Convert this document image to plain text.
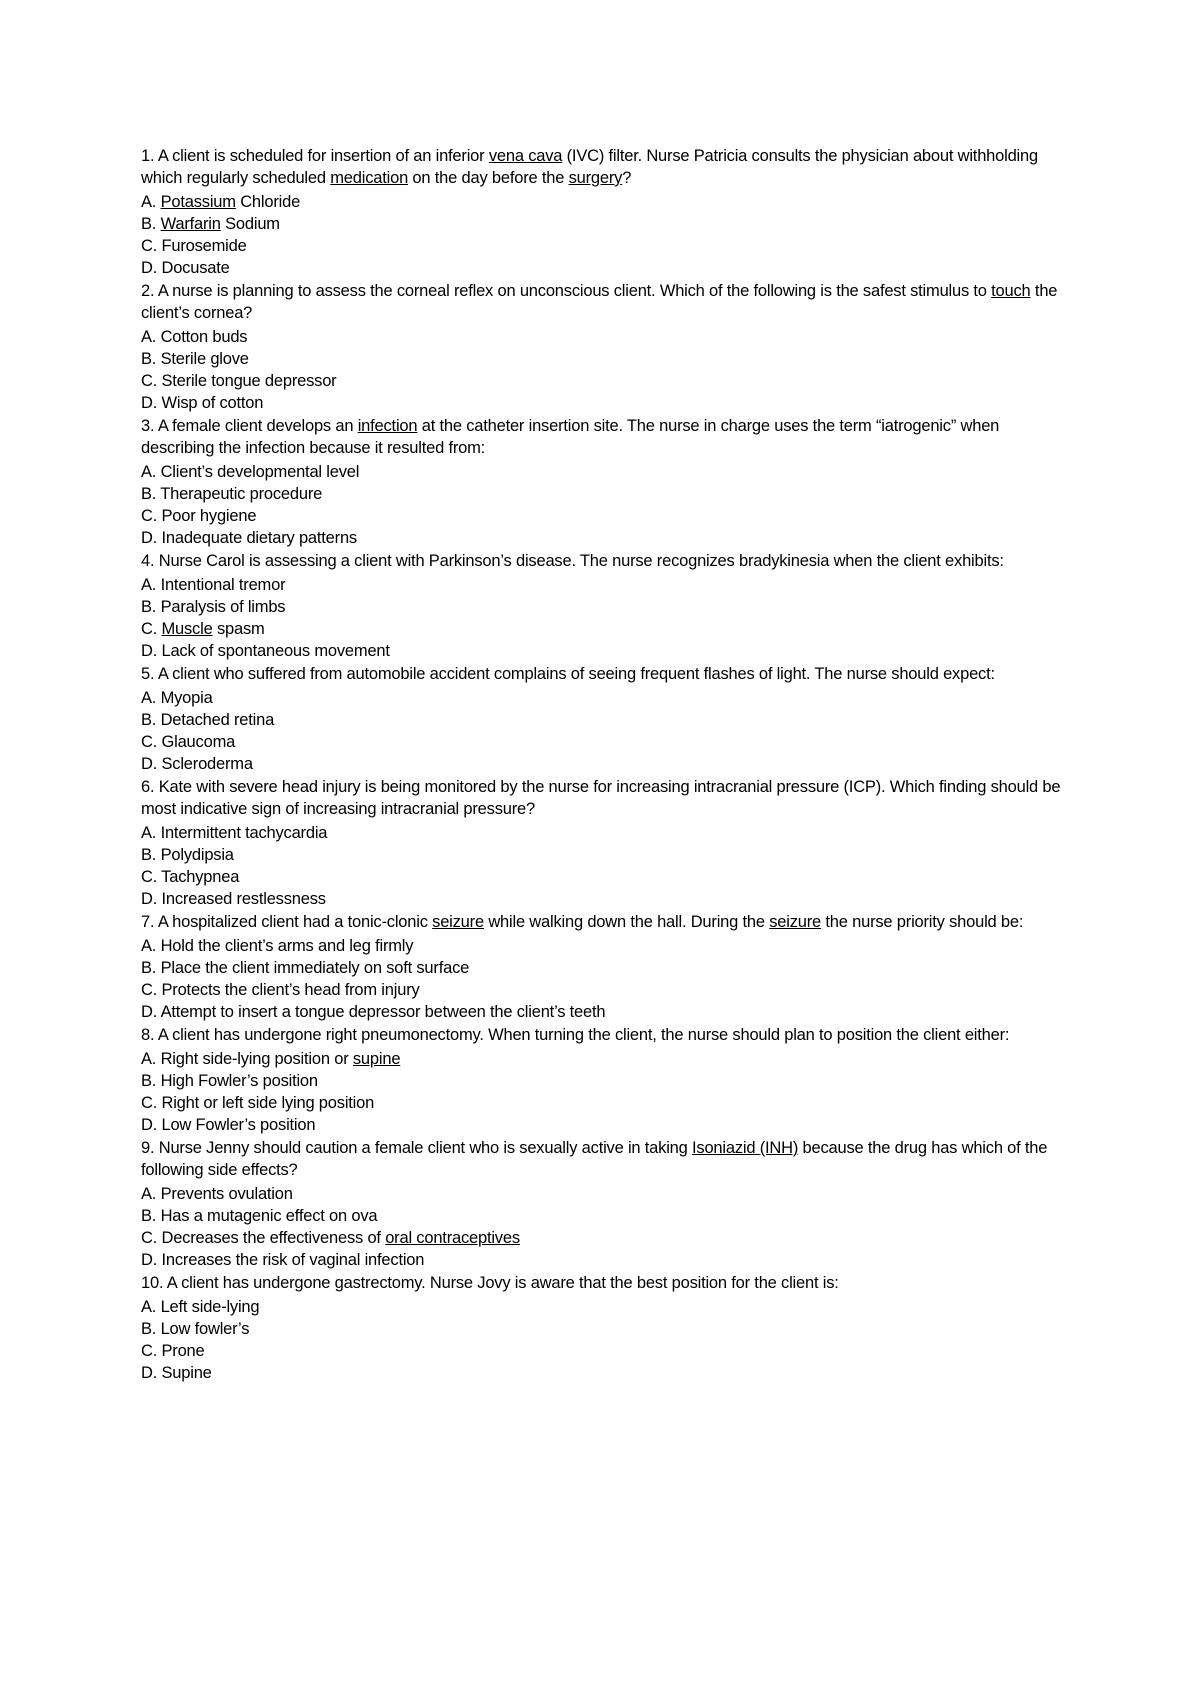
1. A client is scheduled for insertion of an inferior vena cava (IVC) filter. Nurse Patricia consults the physician about withholding which regularly scheduled medication on the day before the surgery?
A. Potassium Chloride
B. Warfarin Sodium
C. Furosemide
D. Docusate
2. A nurse is planning to assess the corneal reflex on unconscious client. Which of the following is the safest stimulus to touch the client’s cornea?
A. Cotton buds
B. Sterile glove
C. Sterile tongue depressor
D. Wisp of cotton
3. A female client develops an infection at the catheter insertion site. The nurse in charge uses the term “iatrogenic” when describing the infection because it resulted from:
A. Client’s developmental level
B. Therapeutic procedure
C. Poor hygiene
D. Inadequate dietary patterns
4. Nurse Carol is assessing a client with Parkinson’s disease. The nurse recognizes bradykinesia when the client exhibits:
A. Intentional tremor
B. Paralysis of limbs
C. Muscle spasm
D. Lack of spontaneous movement
5. A client who suffered from automobile accident complains of seeing frequent flashes of light. The nurse should expect:
A. Myopia
B. Detached retina
C. Glaucoma
D. Scleroderma
6. Kate with severe head injury is being monitored by the nurse for increasing intracranial pressure (ICP). Which finding should be most indicative sign of increasing intracranial pressure?
A. Intermittent tachycardia
B. Polydipsia
C. Tachypnea
D. Increased restlessness
7. A hospitalized client had a tonic-clonic seizure while walking down the hall. During the seizure the nurse priority should be:
A. Hold the client’s arms and leg firmly
B. Place the client immediately on soft surface
C. Protects the client’s head from injury
D. Attempt to insert a tongue depressor between the client’s teeth
8. A client has undergone right pneumonectomy. When turning the client, the nurse should plan to position the client either:
A. Right side-lying position or supine
B. High Fowler’s position
C. Right or left side lying position
D. Low Fowler’s position
9. Nurse Jenny should caution a female client who is sexually active in taking Isoniazid (INH) because the drug has which of the following side effects?
A. Prevents ovulation
B. Has a mutagenic effect on ova
C. Decreases the effectiveness of oral contraceptives
D. Increases the risk of vaginal infection
10. A client has undergone gastrectomy. Nurse Jovy is aware that the best position for the client is:
A. Left side-lying
B. Low fowler’s
C. Prone
D. Supine
